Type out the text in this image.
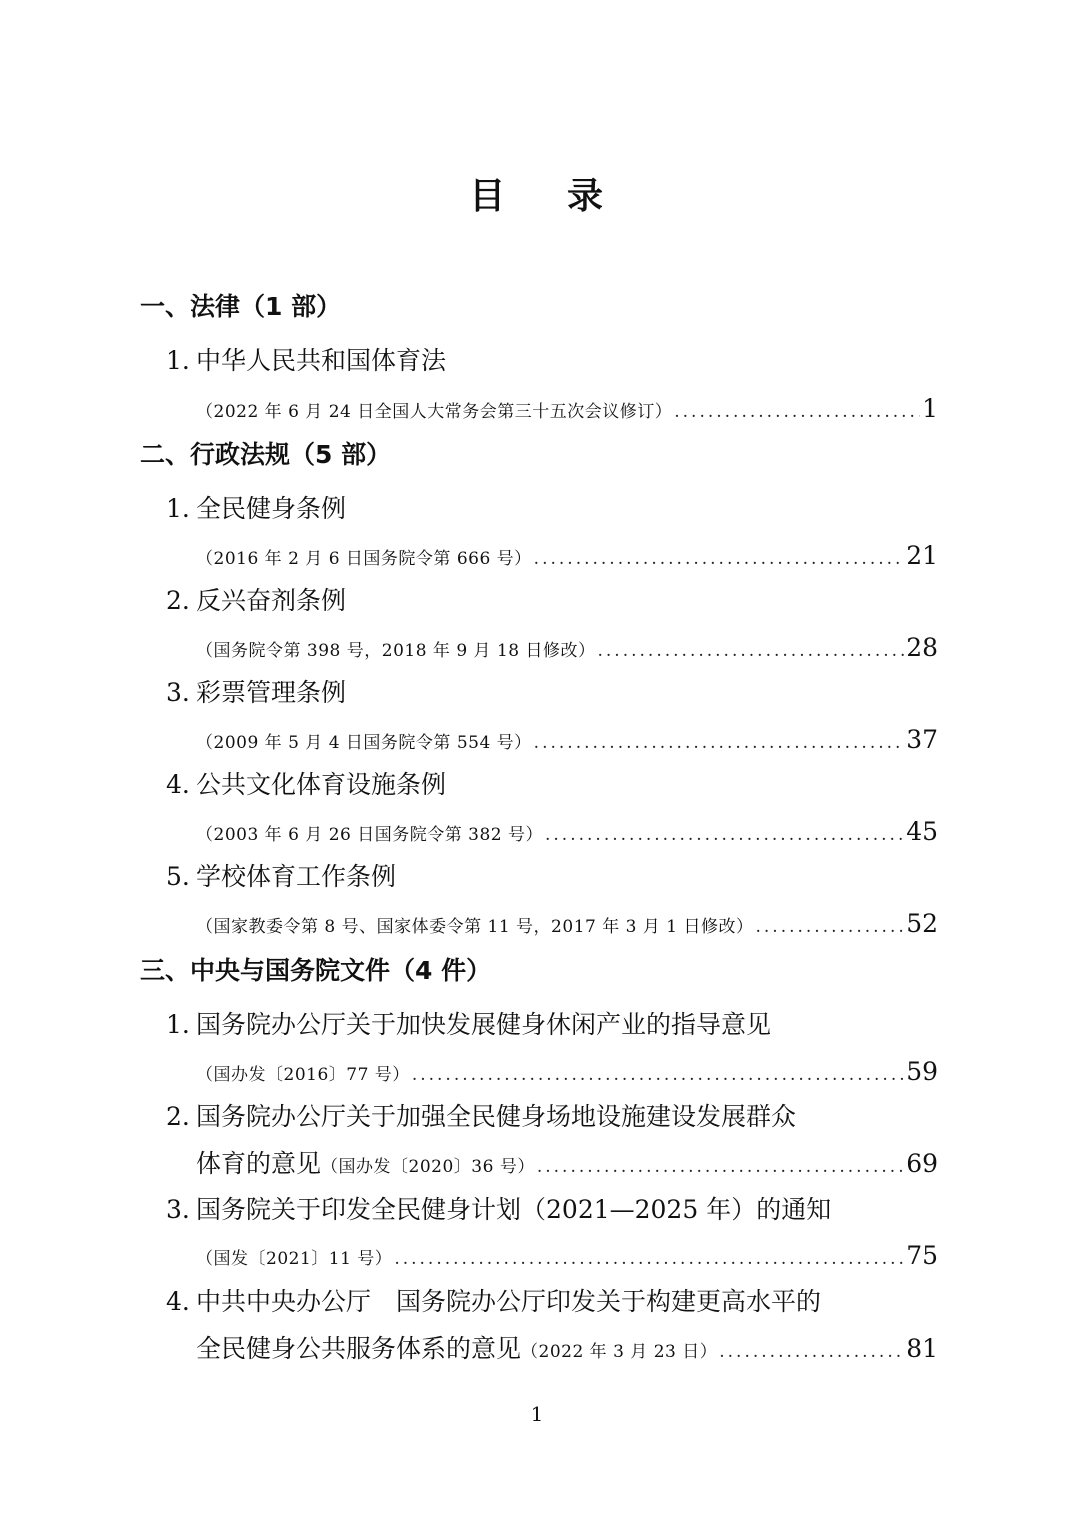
目 录
一、法律（1 部）
1. 中华人民共和国体育法
（2022 年 6 月 24 日全国人大常务会第三十五次会议修订） .....	1
二、行政法规（5 部）
1. 全民健身条例
（2016 年 2 月 6 日国务院令第 666 号） .....	21
2. 反兴奋剂条例
（国务院令第 398 号，2018 年 9 月 18 日修改） .....	28
3. 彩票管理条例
（2009 年 5 月 4 日国务院令第 554 号） .....	37
4. 公共文化体育设施条例
（2003 年 6 月 26 日国务院令第 382 号） .....	45
5. 学校体育工作条例
（国家教委令第 8 号、国家体委令第 11 号，2017 年 3 月 1 日修改） .....	52
三、中央与国务院文件（4 件）
1. 国务院办公厅关于加快发展健身休闲产业的指导意见
（国办发〔2016〕77 号） .....	59
2. 国务院办公厅关于加强全民健身场地设施建设发展群众
体育的意见 （国办发〔2020〕36 号） .....	69
3. 国务院关于印发全民健身计划（2021—2025 年）的通知
（国发〔2021〕11 号） .....	75
4. 中共中央办公厅　国务院办公厅印发关于构建更高水平的
全民健身公共服务体系的意见 （2022 年 3 月 23 日） .....	81
1
